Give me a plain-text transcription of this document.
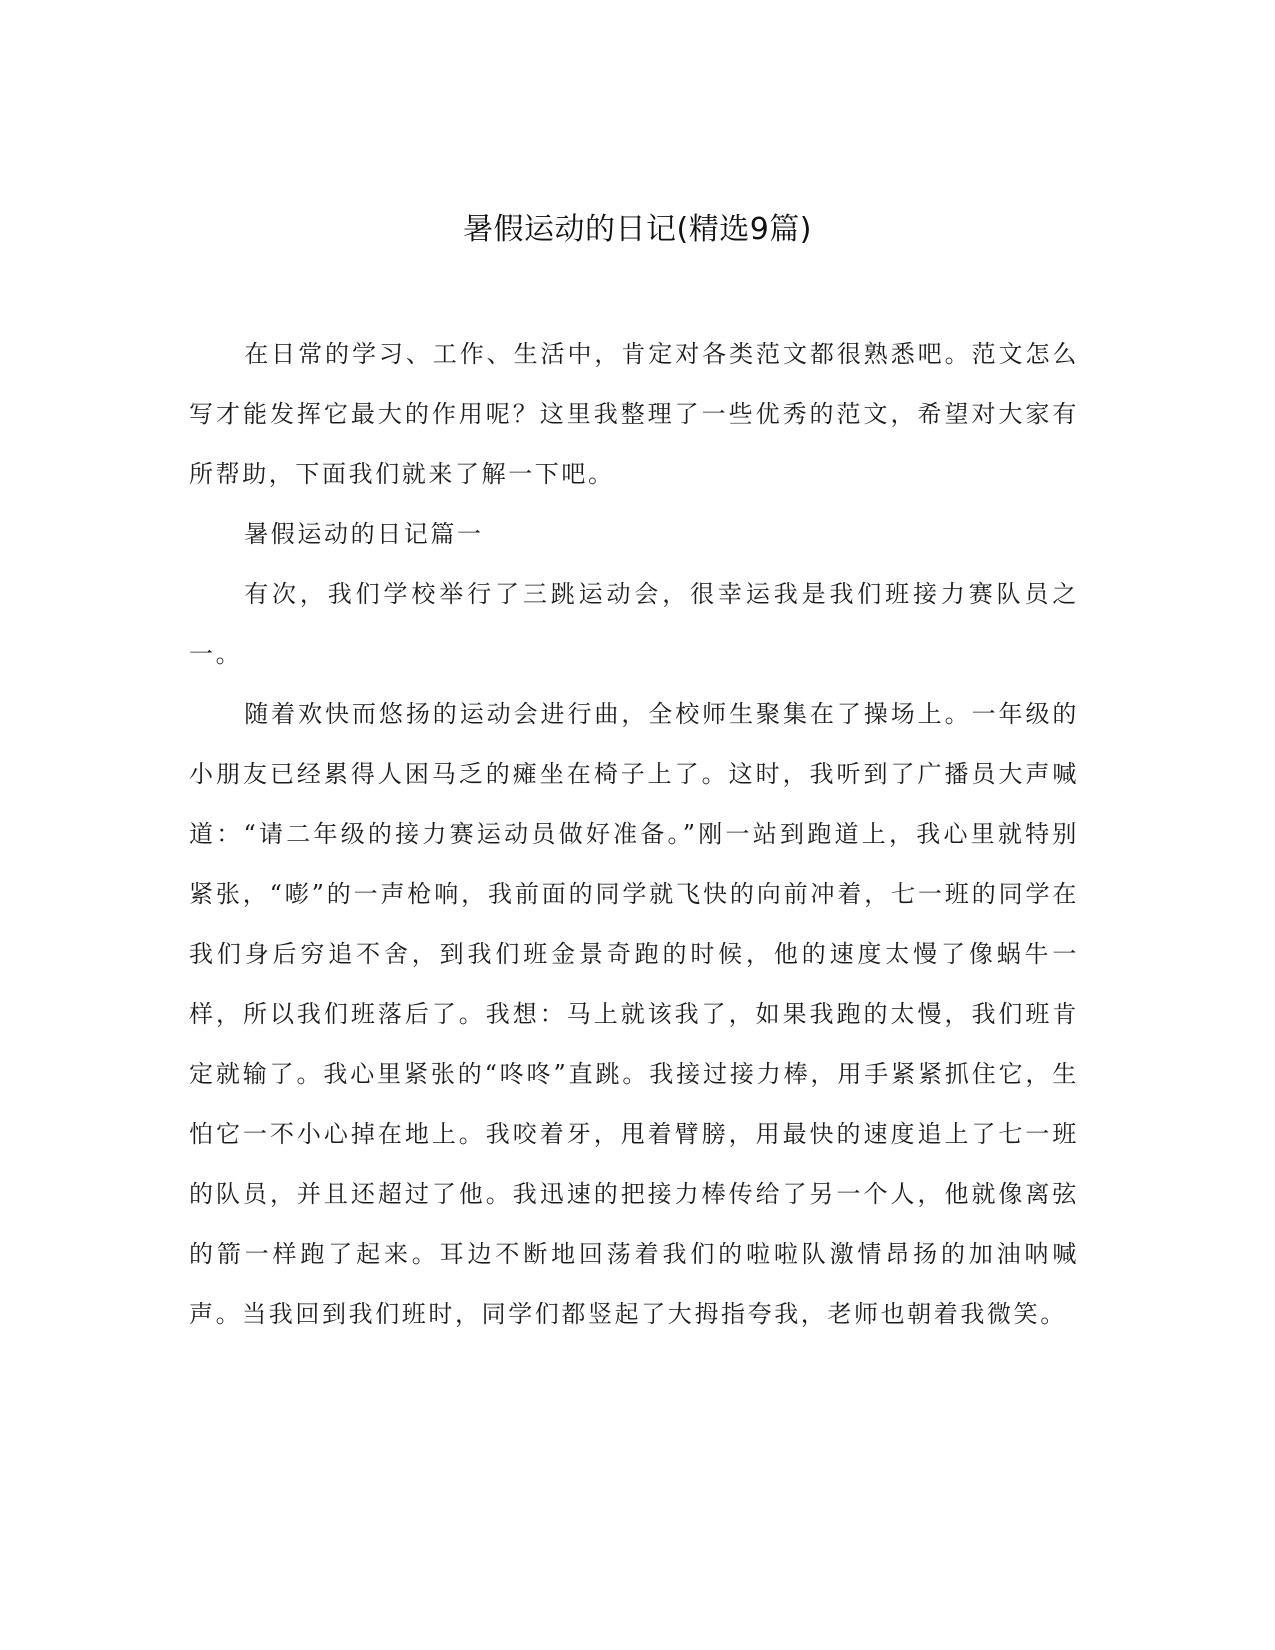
暑假运动的日记(精选9篇)

在日常的学习、工作、生活中，肯定对各类范文都很熟悉吧。范文怎么写才能发挥它最大的作用呢？这里我整理了一些优秀的范文，希望对大家有所帮助，下面我们就来了解一下吧。

暑假运动的日记篇一

有次，我们学校举行了三跳运动会，很幸运我是我们班接力赛队员之一。

随着欢快而悠扬的运动会进行曲，全校师生聚集在了操场上。一年级的小朋友已经累得人困马乏的瘫坐在椅子上了。这时，我听到了广播员大声喊道：“请二年级的接力赛运动员做好准备。”刚一站到跑道上，我心里就特别紧张，“嘭”的一声枪响，我前面的同学就飞快的向前冲着，七一班的同学在我们身后穷追不舍，到我们班金景奇跑的时候，他的速度太慢了像蜗牛一样，所以我们班落后了。我想：马上就该我了，如果我跑的太慢，我们班肯定就输了。我心里紧张的“咚咚”直跳。我接过接力棒，用手紧紧抓住它，生怕它一不小心掉在地上。我咬着牙，甩着臂膀，用最快的速度追上了七一班的队员，并且还超过了他。我迅速的把接力棒传给了另一个人，他就像离弦的箭一样跑了起来。耳边不断地回荡着我们的啦啦队激情昂扬的加油呐喊声。当我回到我们班时，同学们都竖起了大拇指夸我，老师也朝着我微笑。
